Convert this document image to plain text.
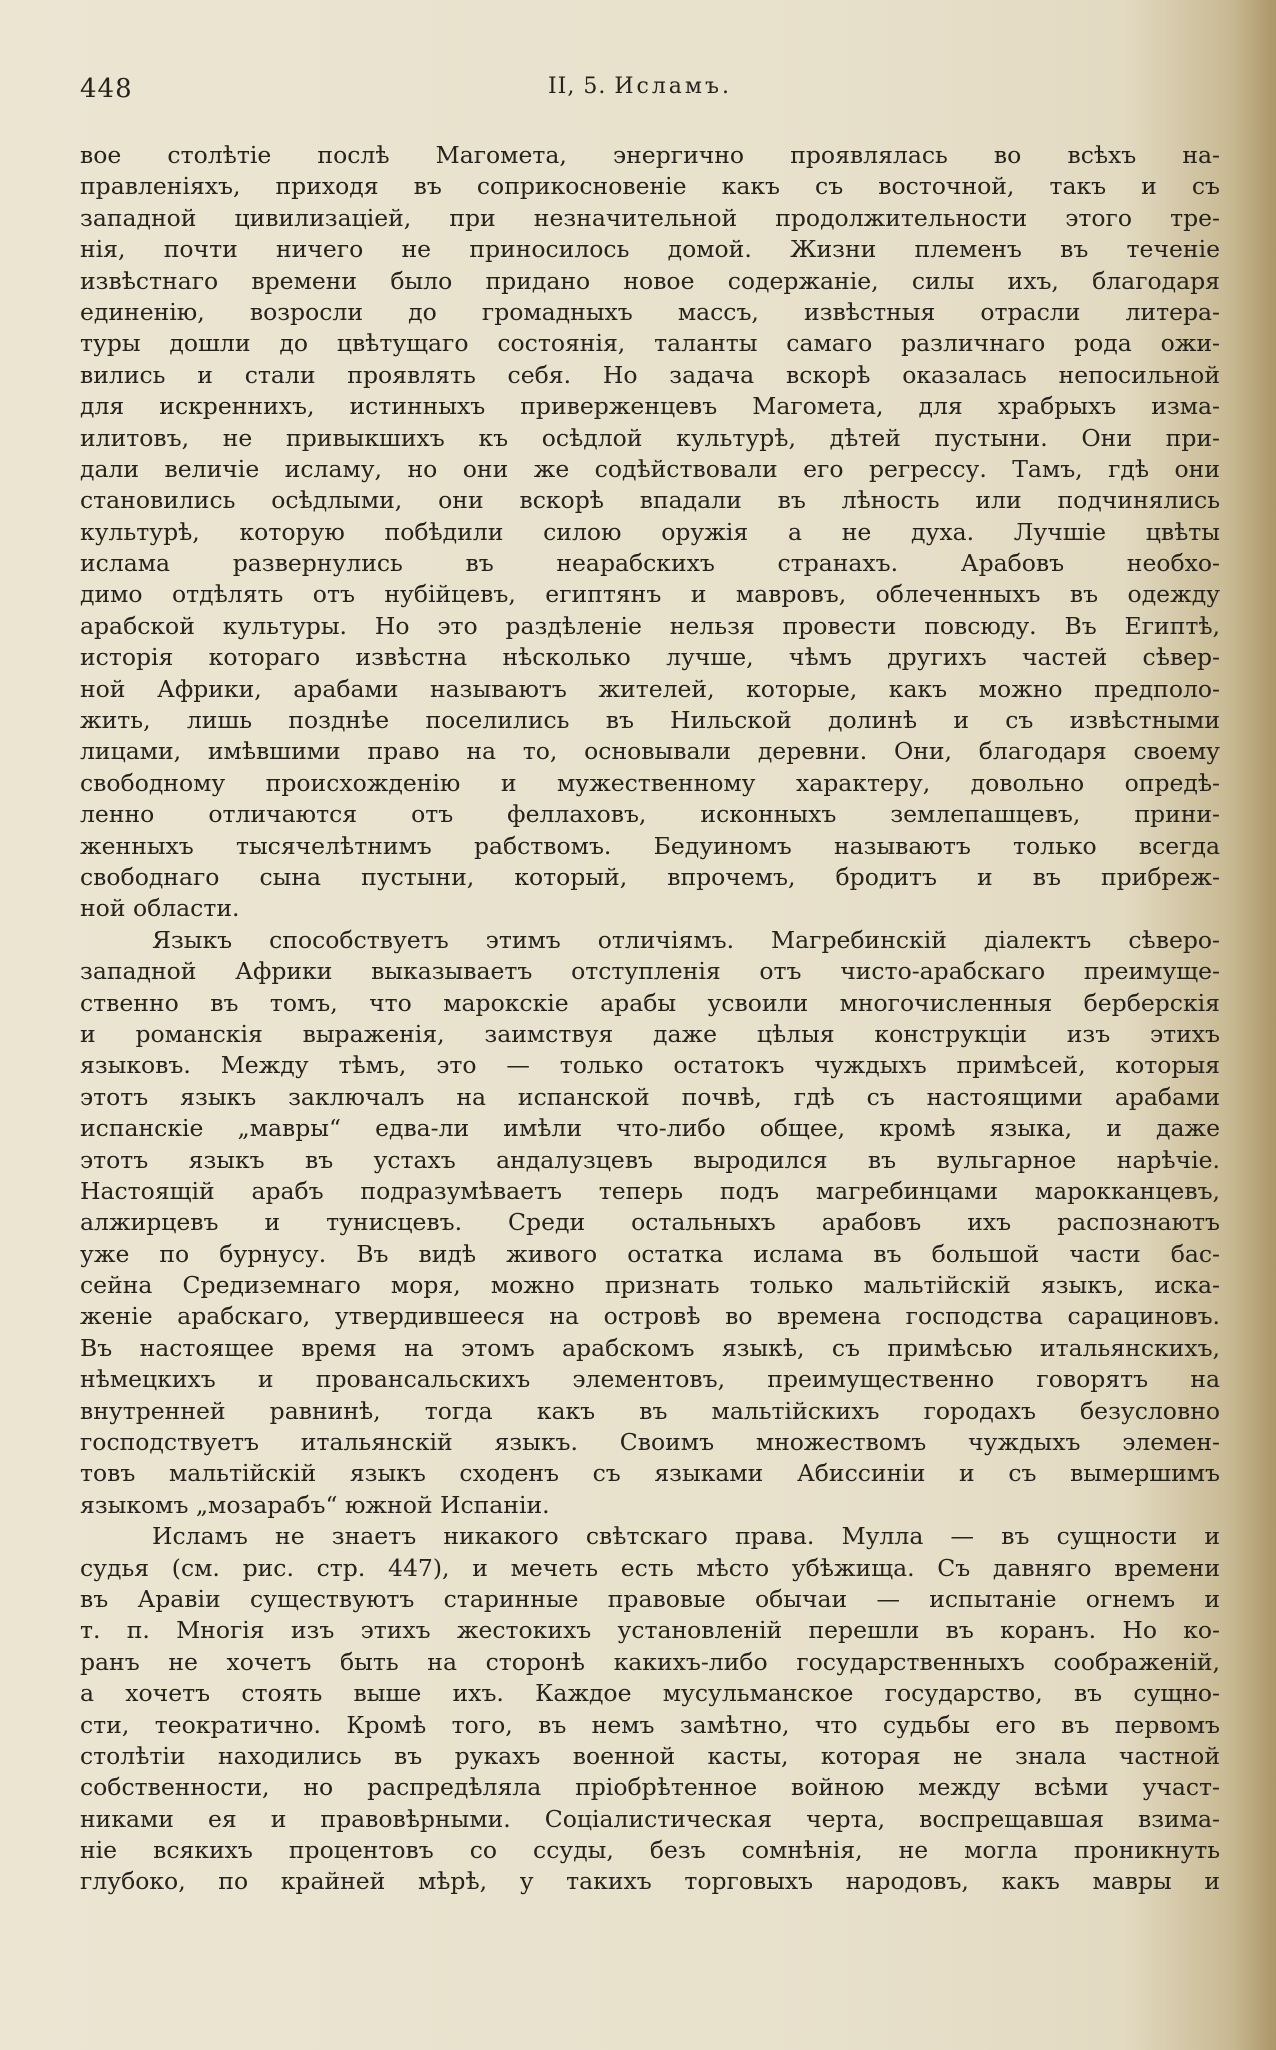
448	II, 5. Исламъ.
вое столѣтіе послѣ Магомета, энергично проявлялась во всѣхъ на-
правленіяхъ, приходя въ соприкосновеніе какъ съ восточной, такъ и съ
западной цивилизаціей, при незначительной продолжительности этого тре-
нія, почти ничего не приносилось домой. Жизни племенъ въ теченіе
извѣстнаго времени было придано новое содержаніе, силы ихъ, благодаря
единенію, возросли до громадныхъ массъ, извѣстныя отрасли литера-
туры дошли до цвѣтущаго состоянія, таланты самаго различнаго рода ожи-
вились и стали проявлять себя. Но задача вскорѣ оказалась непосильной
для искреннихъ, истинныхъ приверженцевъ Магомета, для храбрыхъ изма-
илитовъ, не привыкшихъ къ осѣдлой культурѣ, дѣтей пустыни. Они при-
дали величіе исламу, но они же содѣйствовали его регрессу. Тамъ, гдѣ они
становились осѣдлыми, они вскорѣ впадали въ лѣность или подчинялись
культурѣ, которую побѣдили силою оружія а не духа. Лучшіе цвѣты
ислама развернулись въ неарабскихъ странахъ. Арабовъ необхо-
димо отдѣлять отъ нубійцевъ, египтянъ и мавровъ, облеченныхъ въ одежду
арабской культуры. Но это раздѣленіе нельзя провести повсюду. Въ Египтѣ,
исторія котораго извѣстна нѣсколько лучше, чѣмъ другихъ частей сѣвер-
ной Африки, арабами называютъ жителей, которые, какъ можно предполо-
жить, лишь позднѣе поселились въ Нильской долинѣ и съ извѣстными
лицами, имѣвшими право на то, основывали деревни. Они, благодаря своему
свободному происхожденію и мужественному характеру, довольно опредѣ-
ленно отличаются отъ феллаховъ, исконныхъ землепашцевъ, прини-
женныхъ тысячелѣтнимъ рабствомъ. Бедуиномъ называютъ только всегда
свободнаго сына пустыни, который, впрочемъ, бродитъ и въ прибреж-
ной области.
Языкъ способствуетъ этимъ отличіямъ. Магребинскій діалектъ сѣверо-
западной Африки выказываетъ отступленія отъ чисто-арабскаго преимуще-
ственно въ томъ, что марокскіе арабы усвоили многочисленныя берберскія
и романскія выраженія, заимствуя даже цѣлыя конструкціи изъ этихъ
языковъ. Между тѣмъ, это — только остатокъ чуждыхъ примѣсей, которыя
этотъ языкъ заключалъ на испанской почвѣ, гдѣ съ настоящими арабами
испанскіе „мавры“ едва-ли имѣли что-либо общее, кромѣ языка, и даже
этотъ языкъ въ устахъ андалузцевъ выродился въ вульгарное нарѣчіе.
Настоящій арабъ подразумѣваетъ теперь подъ магребинцами марокканцевъ,
алжирцевъ и тунисцевъ. Среди остальныхъ арабовъ ихъ распознаютъ
уже по бурнусу. Въ видѣ живого остатка ислама въ большой части бас-
сейна Средиземнаго моря, можно признать только мальтійскій языкъ, иска-
женіе арабскаго, утвердившееся на островѣ во времена господства сарациновъ.
Въ настоящее время на этомъ арабскомъ языкѣ, съ примѣсью итальянскихъ,
нѣмецкихъ и провансальскихъ элементовъ, преимущественно говорятъ на
внутренней равнинѣ, тогда какъ въ мальтійскихъ городахъ безусловно
господствуетъ итальянскій языкъ. Своимъ множествомъ чуждыхъ элемен-
товъ мальтійскій языкъ сходенъ съ языками Абиссиніи и съ вымершимъ
языкомъ „мозарабъ“ южной Испаніи.
Исламъ не знаетъ никакого свѣтскаго права. Мулла — въ сущности и
судья (см. рис. стр. 447), и мечеть есть мѣсто убѣжища. Съ давняго времени
въ Аравіи существуютъ старинные правовые обычаи — испытаніе огнемъ и
т. п. Многія изъ этихъ жестокихъ установленій перешли въ коранъ. Но ко-
ранъ не хочетъ быть на сторонѣ какихъ-либо государственныхъ соображеній,
а хочетъ стоять выше ихъ. Каждое мусульманское государство, въ сущно-
сти, теократично. Кромѣ того, въ немъ замѣтно, что судьбы его въ первомъ
столѣтіи находились въ рукахъ военной касты, которая не знала частной
собственности, но распредѣляла пріобрѣтенное войною между всѣми участ-
никами ея и правовѣрными. Соціалистическая черта, воспрещавшая взима-
ніе всякихъ процентовъ со ссуды, безъ сомнѣнія, не могла проникнуть
глубоко, по крайней мѣрѣ, у такихъ торговыхъ народовъ, какъ мавры и
